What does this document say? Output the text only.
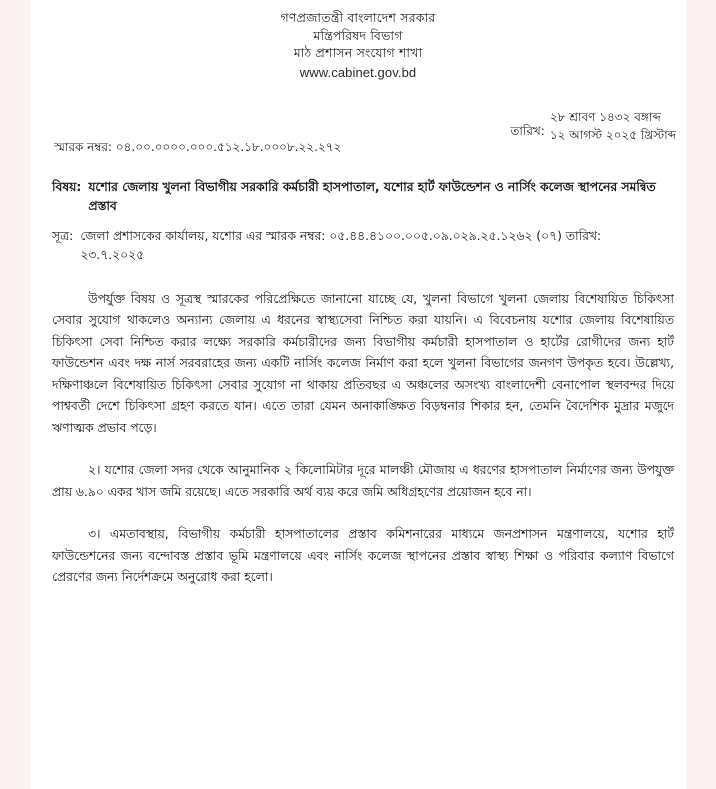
গণপ্রজাতন্ত্রী বাংলাদেশ সরকার
মন্ত্রিপরিষদ বিভাগ
মাঠ প্রশাসন সংযোগ শাখা
www.cabinet.gov.bd
স্মারক নম্বর: ০৪.০০.০০০০.০০০.৫১২.১৮.০০০৮.২২.২৭২
তারিখ:
২৮ শ্রাবণ ১৪৩২ বঙ্গাব্দ
১২ আগস্ট ২০২৫ খ্রিস্টাব্দ
বিষয়: যশোর জেলায় খুলনা বিভাগীয় সরকারি কর্মচারী হাসপাতাল, যশোর হার্ট ফাউন্ডেশন ও নার্সিং কলেজ স্থাপনের সমন্বিত প্রস্তাব
সূত্র: জেলা প্রশাসকের কার্যালয়, যশোর এর স্মারক নম্বর: ০৫.৪৪.৪১০০.০০৫.০৯.০২৯.২৫.১২৬২ (০৭) তারিখ:
২৩.৭.২০২৫

উপর্যুক্ত বিষয় ও সূত্রস্থ স্মারকের পরিপ্রেক্ষিতে জানানো যাচ্ছে যে, খুলনা বিভাগে খুলনা জেলায় বিশেষায়িত চিকিৎসা সেবার সুযোগ থাকলেও অন্যান্য জেলায় এ ধরনের স্বাস্থ্যসেবা নিশ্চিত করা যায়নি। এ বিবেচনায় যশোর জেলায় বিশেষায়িত চিকিৎসা সেবা নিশ্চিত করার লক্ষ্যে সরকারি কর্মচারীদের জন্য বিভাগীয় কর্মচারী হাসপাতাল ও হার্টের রোগীদের জন্য হার্ট ফাউন্ডেশন এবং দক্ষ নার্স সরবরাহের জন্য একটি নার্সিং কলেজ নির্মাণ করা হলে খুলনা বিভাগের জনগণ উপকৃত হবে। উল্লেখ্য, দক্ষিণাঞ্চলে বিশেষায়িত চিকিৎসা সেবার সুযোগ না থাকায় প্রতিবছর এ অঞ্চলের অসংখ্য বাংলাদেশী বেনাপোল স্থলবন্দর দিয়ে পাশ্ববর্তী দেশে চিকিৎসা গ্রহণ করতে যান। এতে তারা যেমন অনাকাঙ্ক্ষিত বিড়ম্বনার শিকার হন, তেমনি বৈদেশিক মুদ্রার মজুদে ঋণাত্মক প্রভাব পড়ে।

২। যশোর জেলা সদর থেকে আনুমানিক ২ কিলোমিটার দূরে মালঞ্চী মৌজায় এ ধরণের হাসপাতাল নির্মাণের জন্য উপযুক্ত প্রায় ৬.৯০ একর খাস জমি রয়েছে। এতে সরকারি অর্থ ব্যয় করে জমি অধিগ্রহণের প্রয়োজন হবে না।

৩। এমতাবস্থায়, বিভাগীয় কর্মচারী হাসপাতালের প্রস্তাব কমিশনারের মাধ্যমে জনপ্রশাসন মন্ত্রণালয়ে, যশোর হার্ট ফাউন্ডেশনের জন্য বন্দোবস্ত প্রস্তাব ভূমি মন্ত্রণালয়ে এবং নার্সিং কলেজ স্থাপনের প্রস্তাব স্বাস্থ্য শিক্ষা ও পরিবার কল্যাণ বিভাগে প্রেরণের জন্য নির্দেশক্রমে অনুরোধ করা হলো।
